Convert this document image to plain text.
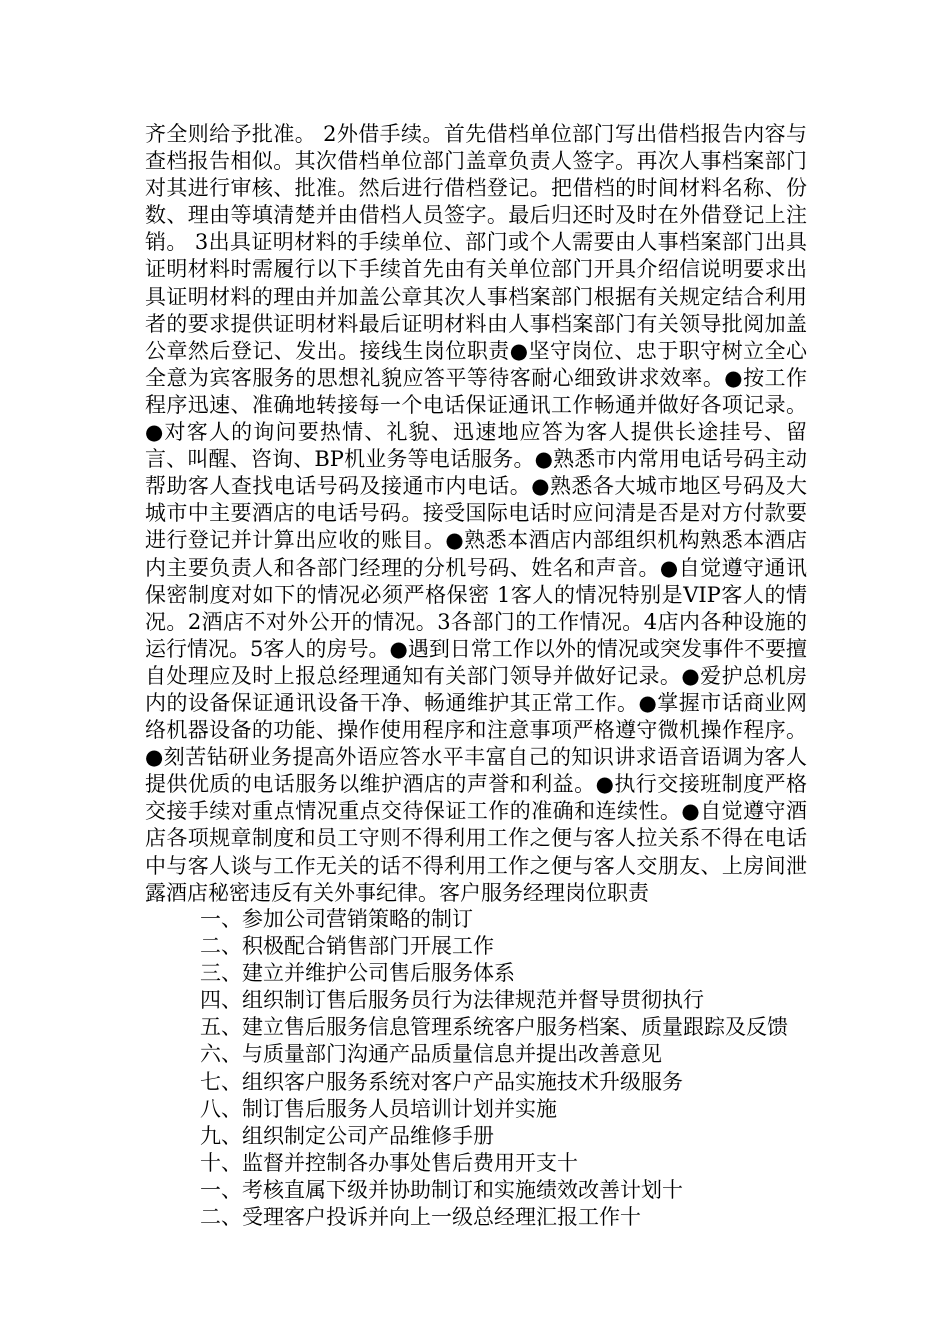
齐全则给予批准。 2外借手续。首先借档单位部门写出借档报告内容与查档报告相似。其次借档单位部门盖章负责人签字。再次人事档案部门对其进行审核、批准。然后进行借档登记。把借档的时间材料名称、份数、理由等填清楚并由借档人员签字。最后归还时及时在外借登记上注销。 3出具证明材料的手续单位、部门或个人需要由人事档案部门出具证明材料时需履行以下手续首先由有关单位部门开具介绍信说明要求出具证明材料的理由并加盖公章其次人事档案部门根据有关规定结合利用者的要求提供证明材料最后证明材料由人事档案部门有关领导批阅加盖公章然后登记、发出。接线生岗位职责●坚守岗位、忠于职守树立全心全意为宾客服务的思想礼貌应答平等待客耐心细致讲求效率。●按工作程序迅速、准确地转接每一个电话保证通讯工作畅通并做好各项记录。●对客人的询问要热情、礼貌、迅速地应答为客人提供长途挂号、留言、叫醒、咨询、BP机业务等电话服务。●熟悉市内常用电话号码主动帮助客人查找电话号码及接通市内电话。●熟悉各大城市地区号码及大城市中主要酒店的电话号码。接受国际电话时应问清是否是对方付款要进行登记并计算出应收的账目。●熟悉本酒店内部组织机构熟悉本酒店内主要负责人和各部门经理的分机号码、姓名和声音。●自觉遵守通讯保密制度对如下的情况必须严格保密 1客人的情况特别是VIP客人的情况。2酒店不对外公开的情况。3各部门的工作情况。4店内各种设施的运行情况。5客人的房号。●遇到日常工作以外的情况或突发事件不要擅自处理应及时上报总经理通知有关部门领导并做好记录。●爱护总机房内的设备保证通讯设备干净、畅通维护其正常工作。●掌握市话商业网络机器设备的功能、操作使用程序和注意事项严格遵守微机操作程序。●刻苦钻研业务提高外语应答水平丰富自己的知识讲求语音语调为客人提供优质的电话服务以维护酒店的声誉和利益。●执行交接班制度严格交接手续对重点情况重点交待保证工作的准确和连续性。●自觉遵守酒店各项规章制度和员工守则不得利用工作之便与客人拉关系不得在电话中与客人谈与工作无关的话不得利用工作之便与客人交朋友、上房间泄露酒店秘密违反有关外事纪律。客户服务经理岗位职责

一、参加公司营销策略的制订
二、积极配合销售部门开展工作
三、建立并维护公司售后服务体系
四、组织制订售后服务员行为法律规范并督导贯彻执行
五、建立售后服务信息管理系统客户服务档案、质量跟踪及反馈
六、与质量部门沟通产品质量信息并提出改善意见
七、组织客户服务系统对客户产品实施技术升级服务
八、制订售后服务人员培训计划并实施
九、组织制定公司产品维修手册
十、监督并控制各办事处售后费用开支十
一、考核直属下级并协助制订和实施绩效改善计划十
二、受理客户投诉并向上一级总经理汇报工作十
